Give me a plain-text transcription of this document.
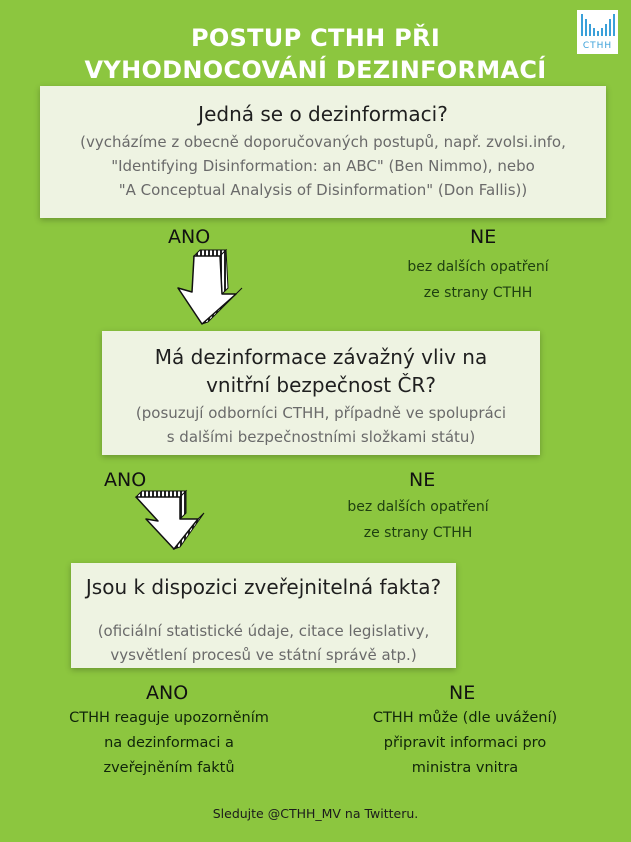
POSTUP CTHH PŘI
VYHODNOCOVÁNÍ DEZINFORMACÍ
CTHH
Jedná se o dezinformaci?
(vycházíme z obecně doporučovaných postupů, např. zvolsi.info,
"Identifying Disinformation: an ABC" (Ben Nimmo), nebo
"A Conceptual Analysis of Disinformation" (Don Fallis))
ANO	NE
bez dalších opatření
ze strany CTHH
Má dezinformace závažný vliv na
vnitřní bezpečnost ČR?
(posuzují odborníci CTHH, případně ve spolupráci
s dalšími bezpečnostními složkami státu)
ANO	NE
bez dalších opatření
ze strany CTHH
Jsou k dispozici zveřejnitelná fakta?
(oficiální statistické údaje, citace legislativy,
vysvětlení procesů ve státní správě atp.)
ANO	NE
CTHH reaguje upozorněním
na dezinformaci a
zveřejněním faktů
CTHH může (dle uvážení)
připravit informaci pro
ministra vnitra
Sledujte @CTHH_MV na Twitteru.
